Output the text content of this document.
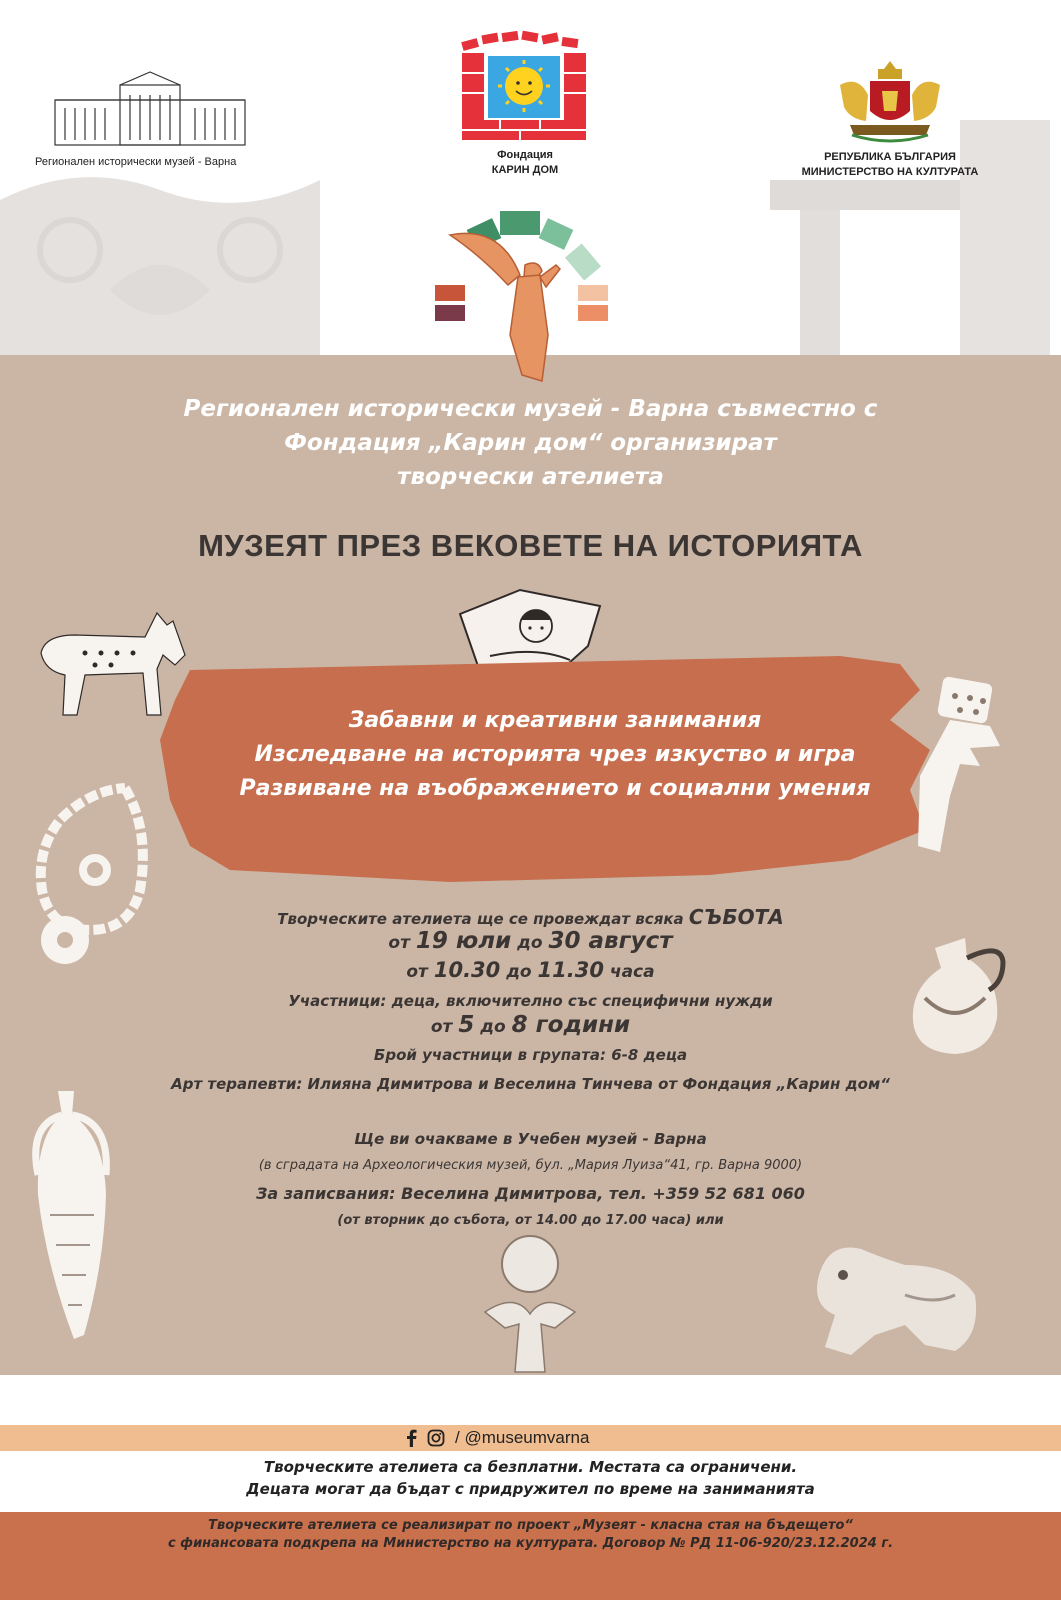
Регионален исторически музей - Варна
Фондация
КАРИН ДОМ
РЕПУБЛИКА БЪЛГАРИЯ
МИНИСТЕРСТВО НА КУЛТУРАТА
Регионален исторически музей - Варна съвместно с
Фондация „Карин дом“ организират
творчески ателиета
МУЗЕЯТ ПРЕЗ ВЕКОВЕТЕ НА ИСТОРИЯТА
Забавни и креативни занимания
Изследване на историята чрез изкуство и игра
Развиване на въображението и социални умения
Творческите ателиета ще се провеждат всяка СЪБОТА
от 19 юли до 30 август
от 10.30 до 11.30 часа
Участници: деца, включително със специфични нужди
от 5 до 8 години
Брой участници в групата: 6-8 деца
Арт терапевти: Илияна Димитрова и Веселина Тинчева от Фондация „Карин дом“
Ще ви очакваме в Учебен музей - Варна
(в сградата на Археологическия музей, бул. „Мария Луиза“41, гр. Варна 9000)
За записвания: Веселина Димитрова, тел. +359 52 681 060
(от вторник до събота, от 14.00 до 17.00 часа) или
/ @museumvarna
Творческите ателиета са безплатни. Местата са ограничени.
Децата могат да бъдат с придружител по време на заниманията
Творческите ателиета се реализират по проект „Музеят - класна стая на бъдещето“
с финансовата подкрепа на Министерство на културата. Договор № РД 11-06-920/23.12.2024 г.
